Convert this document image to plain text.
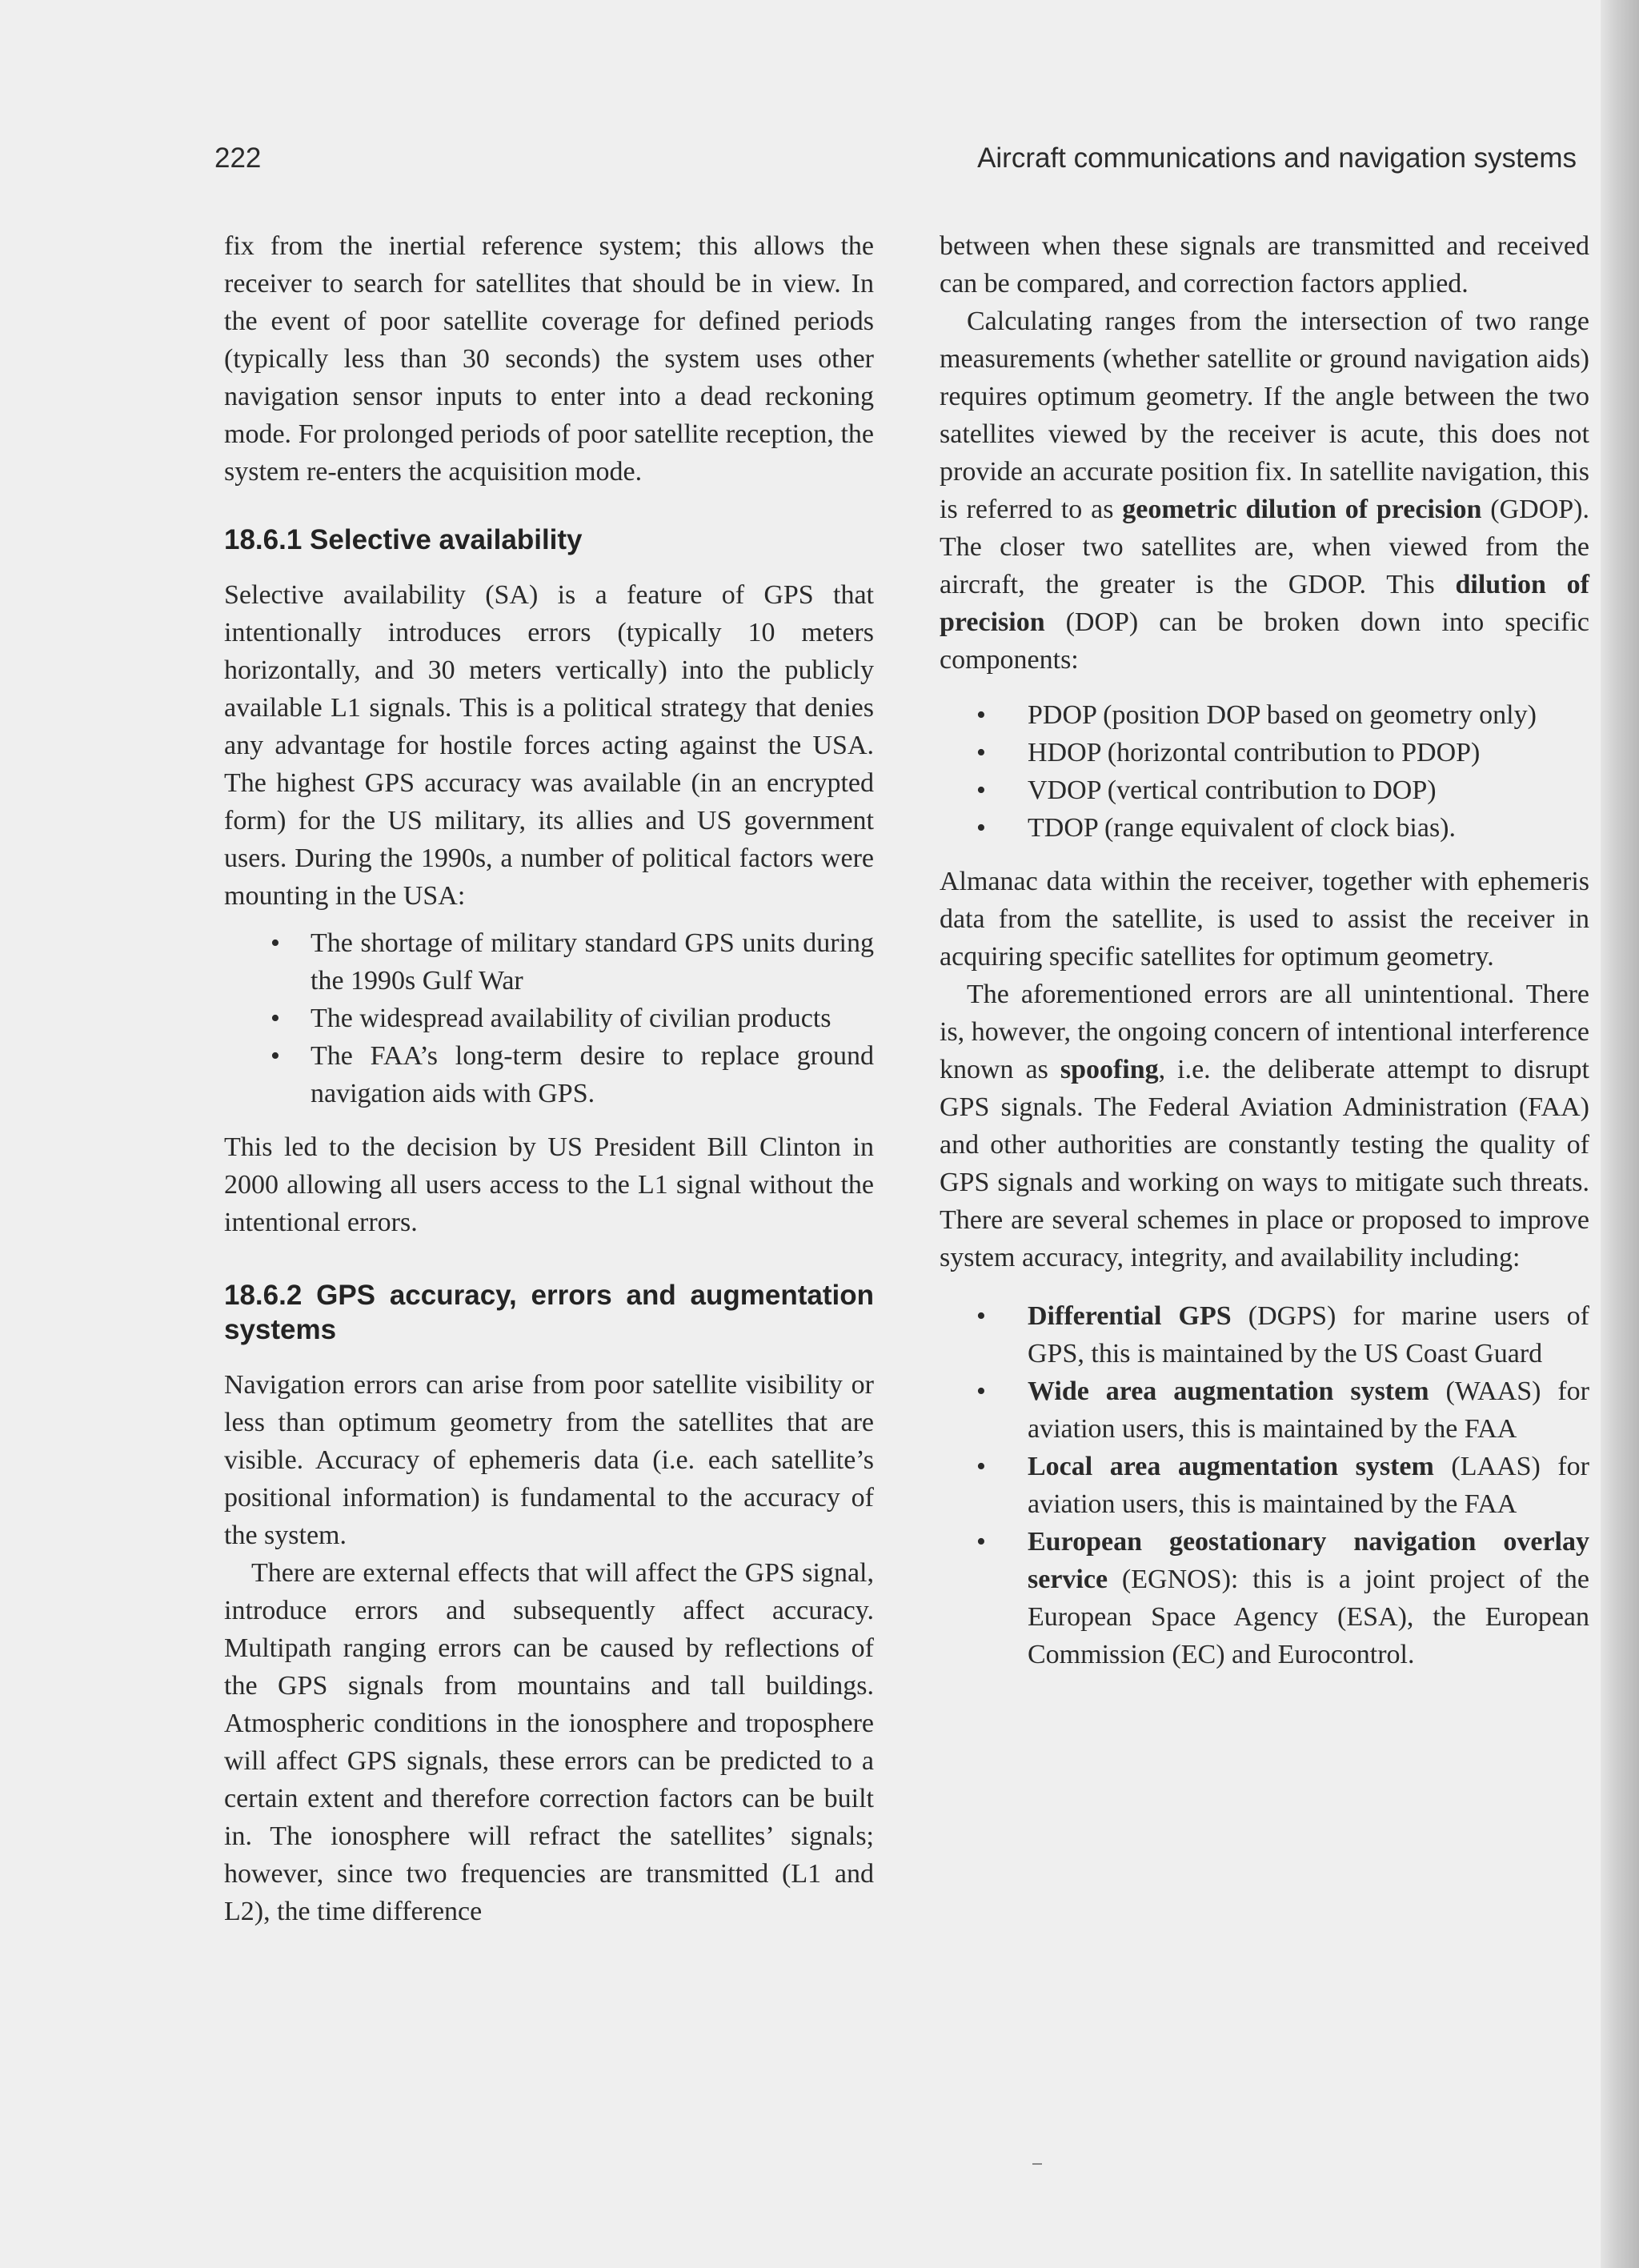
222	Aircraft communications and navigation systems

fix from the inertial reference system; this allows the receiver to search for satellites that should be in view. In the event of poor satellite coverage for defined periods (typically less than 30 seconds) the system uses other navigation sensor inputs to enter into a dead reckoning mode. For prolonged periods of poor satellite reception, the system re-enters the acquisition mode.

18.6.1 Selective availability

Selective availability (SA) is a feature of GPS that intentionally introduces errors (typically 10 meters horizontally, and 30 meters vertically) into the publicly available L1 signals. This is a political strategy that denies any advantage for hostile forces acting against the USA. The highest GPS accuracy was available (in an encrypted form) for the US military, its allies and US government users. During the 1990s, a number of political factors were mounting in the USA:

• The shortage of military standard GPS units during the 1990s Gulf War
• The widespread availability of civilian products
• The FAA’s long-term desire to replace ground navigation aids with GPS.

This led to the decision by US President Bill Clinton in 2000 allowing all users access to the L1 signal without the intentional errors.

18.6.2 GPS accuracy, errors and augmentation systems

Navigation errors can arise from poor satellite visibility or less than optimum geometry from the satellites that are visible. Accuracy of ephemeris data (i.e. each satellite’s positional information) is fundamental to the accuracy of the system.

There are external effects that will affect the GPS signal, introduce errors and subsequently affect accuracy. Multipath ranging errors can be caused by reflections of the GPS signals from mountains and tall buildings. Atmospheric conditions in the ionosphere and troposphere will affect GPS signals, these errors can be predicted to a certain extent and therefore correction factors can be built in. The ionosphere will refract the satellites’ signals; however, since two frequencies are transmitted (L1 and L2), the time difference

between when these signals are transmitted and received can be compared, and correction factors applied.

Calculating ranges from the intersection of two range measurements (whether satellite or ground navigation aids) requires optimum geometry. If the angle between the two satellites viewed by the receiver is acute, this does not provide an accurate position fix. In satellite navigation, this is referred to as geometric dilution of precision (GDOP). The closer two satellites are, when viewed from the aircraft, the greater is the GDOP. This dilution of precision (DOP) can be broken down into specific components:

• PDOP (position DOP based on geometry only)
• HDOP (horizontal contribution to PDOP)
• VDOP (vertical contribution to DOP)
• TDOP (range equivalent of clock bias).

Almanac data within the receiver, together with ephemeris data from the satellite, is used to assist the receiver in acquiring specific satellites for optimum geometry.

The aforementioned errors are all unintentional. There is, however, the ongoing concern of intentional interference known as spoofing, i.e. the deliberate attempt to disrupt GPS signals. The Federal Aviation Administration (FAA) and other authorities are constantly testing the quality of GPS signals and working on ways to mitigate such threats. There are several schemes in place or proposed to improve system accuracy, integrity, and availability including:

• Differential GPS (DGPS) for marine users of GPS, this is maintained by the US Coast Guard
• Wide area augmentation system (WAAS) for aviation users, this is maintained by the FAA
• Local area augmentation system (LAAS) for aviation users, this is maintained by the FAA
• European geostationary navigation overlay service (EGNOS): this is a joint project of the European Space Agency (ESA), the European Commission (EC) and Eurocontrol.
